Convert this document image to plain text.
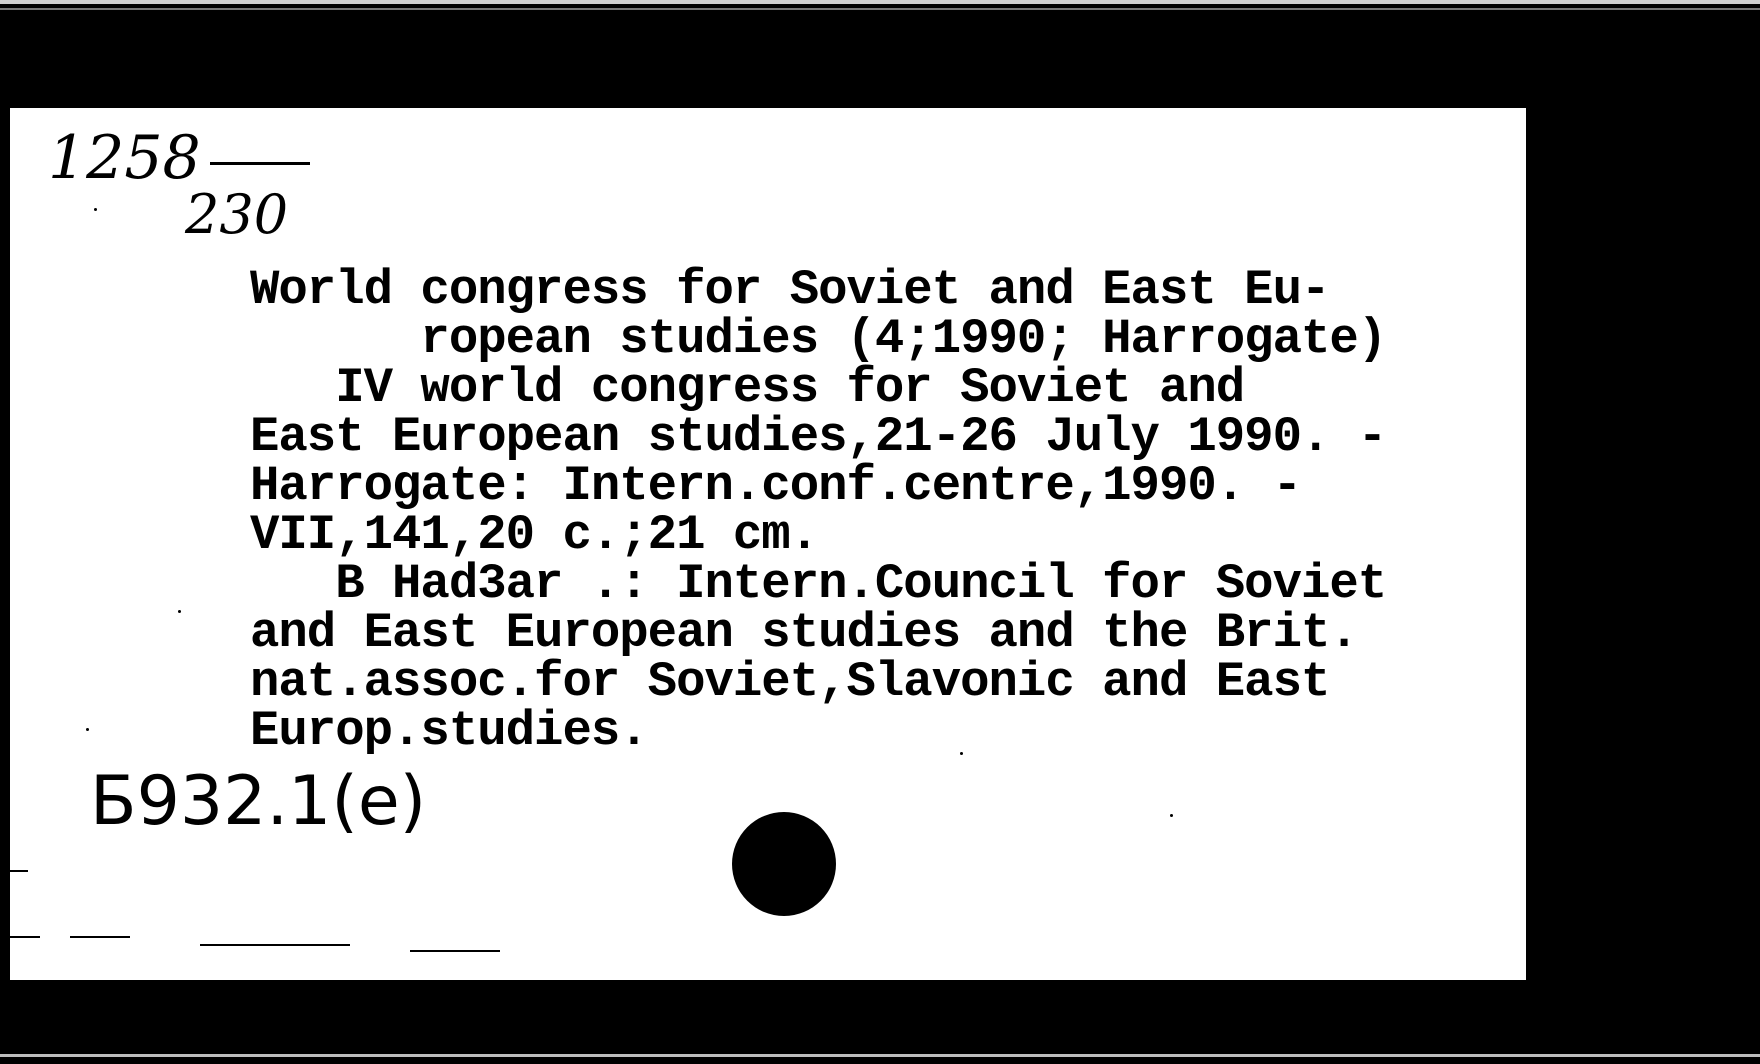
1258
230
World congress for Soviet and East Eu-
ropean studies (4;1990; Harrogate)
IV world congress for Soviet and
East European studies,21-26 July 1990. -
Harrogate: Intern.conf.centre,1990. -
VII,141,20 c.;21 cm.
B Had3ar .: Intern.Council for Soviet
and East European studies and the Brit.
nat.assoc.for Soviet,Slavonic and East
Europ.studies.
Б932.1(e)
